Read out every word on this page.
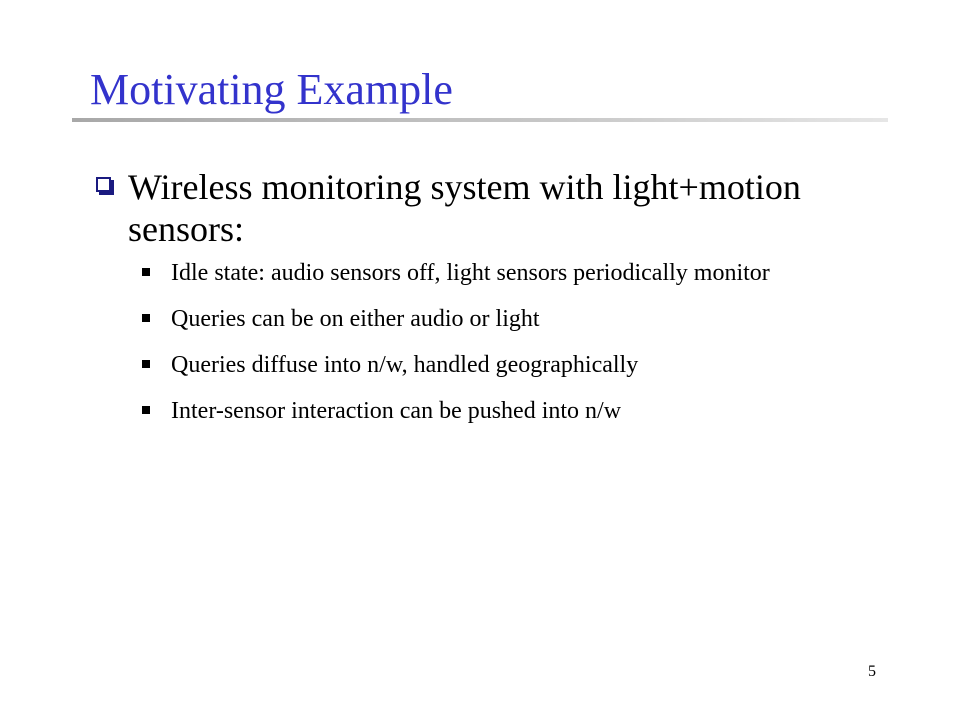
Motivating Example
Wireless monitoring system with light+motion sensors:
Idle state: audio sensors off, light sensors periodically monitor
Queries can be on either audio or light
Queries diffuse into n/w, handled geographically
Inter-sensor interaction can be pushed into n/w
5
